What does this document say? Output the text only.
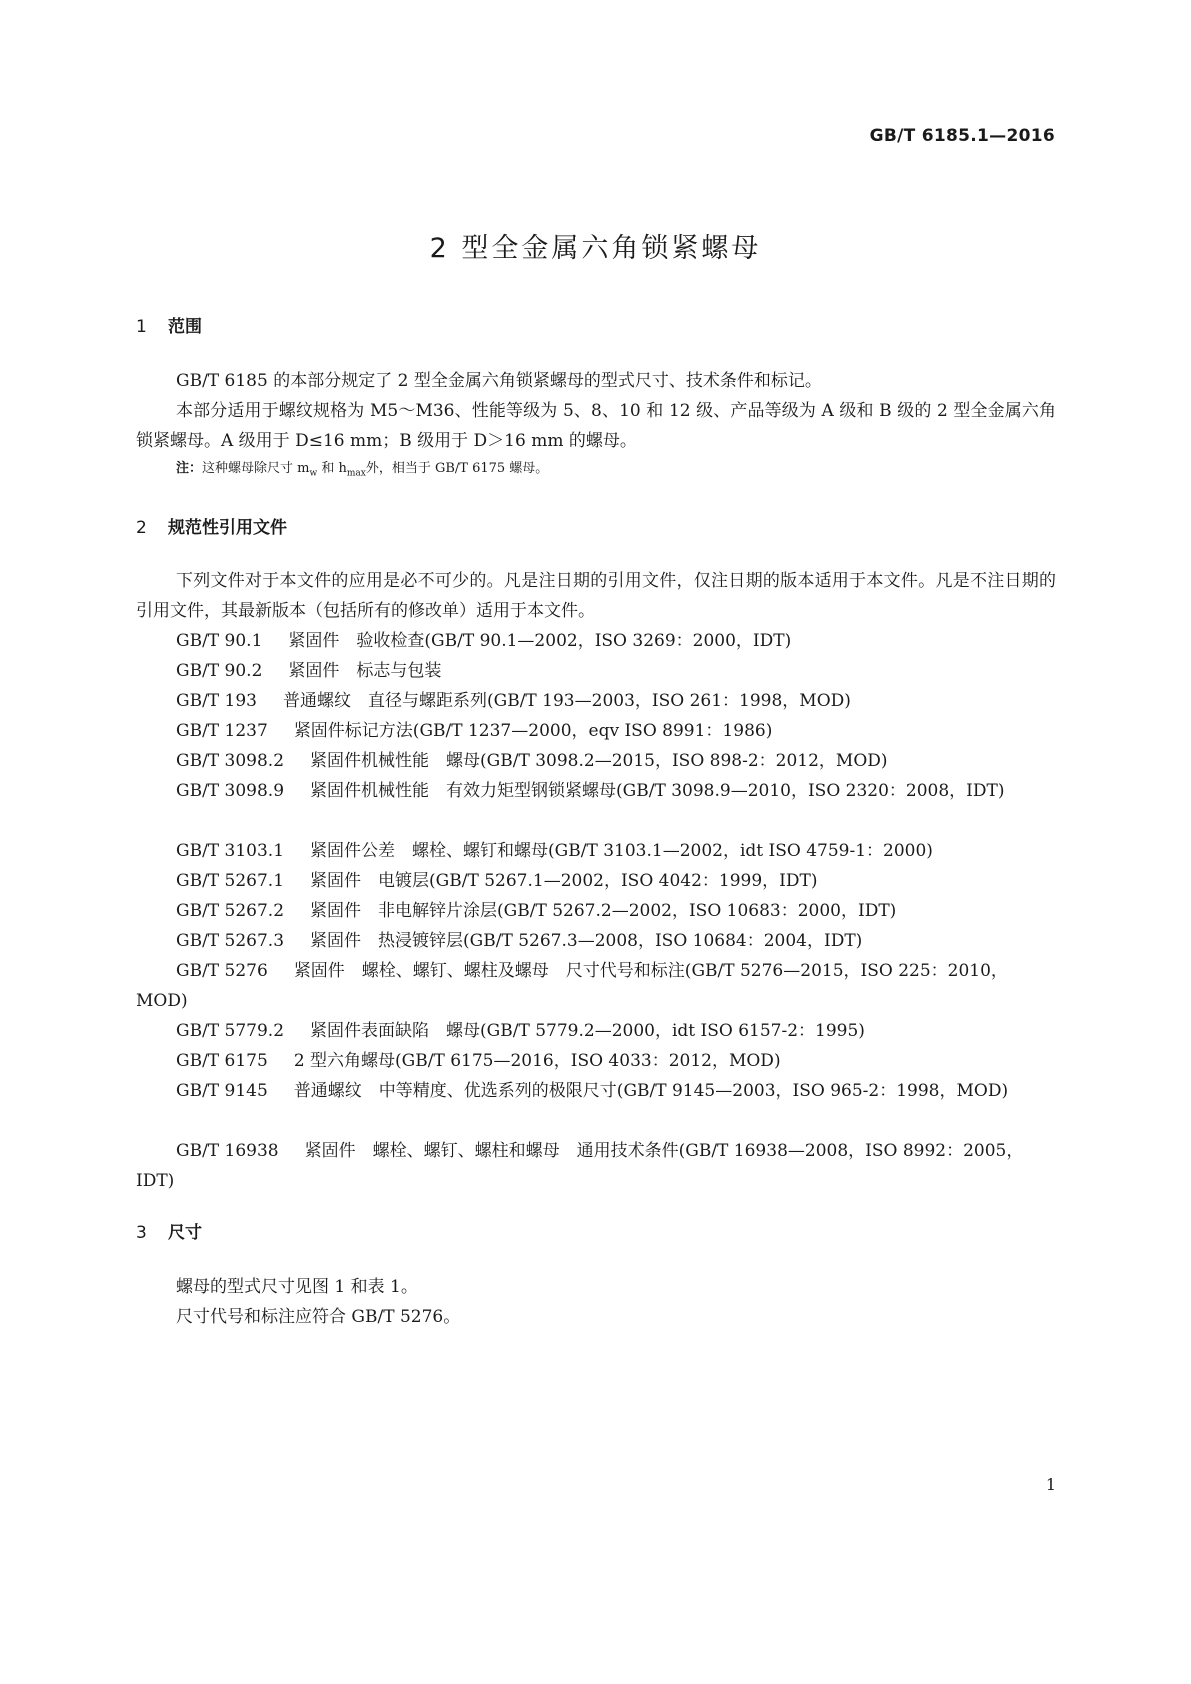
GB/T 6185.1—2016
2 型全金属六角锁紧螺母
1 范围
GB/T 6185 的本部分规定了 2 型全金属六角锁紧螺母的型式尺寸、技术条件和标记。
本部分适用于螺纹规格为 M5～M36、性能等级为 5、8、10 和 12 级、产品等级为 A 级和 B 级的 2 型全金属六角锁紧螺母。A 级用于 D≤16 mm；B 级用于 D＞16 mm 的螺母。
注：这种螺母除尺寸 $m_w$ 和 $h_{max}$外，相当于 GB/T 6175 螺母。
2 规范性引用文件
下列文件对于本文件的应用是必不可少的。凡是注日期的引用文件，仅注日期的版本适用于本文件。凡是不注日期的引用文件，其最新版本（包括所有的修改单）适用于本文件。
GB/T 90.1 紧固件　验收检查(GB/T 90.1—2002，ISO 3269：2000，IDT)
GB/T 90.2 紧固件　标志与包装
GB/T 193 普通螺纹　直径与螺距系列(GB/T 193—2003，ISO 261：1998，MOD)
GB/T 1237 紧固件标记方法(GB/T 1237—2000，eqv ISO 8991：1986)
GB/T 3098.2 紧固件机械性能　螺母(GB/T 3098.2—2015，ISO 898-2：2012，MOD)
GB/T 3098.9 紧固件机械性能　有效力矩型钢锁紧螺母(GB/T 3098.9—2010，ISO 2320：2008，IDT)
GB/T 3103.1 紧固件公差　螺栓、螺钉和螺母(GB/T 3103.1—2002，idt ISO 4759-1：2000)
GB/T 5267.1 紧固件　电镀层(GB/T 5267.1—2002，ISO 4042：1999，IDT)
GB/T 5267.2 紧固件　非电解锌片涂层(GB/T 5267.2—2002，ISO 10683：2000，IDT)
GB/T 5267.3 紧固件　热浸镀锌层(GB/T 5267.3—2008，ISO 10684：2004，IDT)
GB/T 5276 紧固件　螺栓、螺钉、螺柱及螺母　尺寸代号和标注(GB/T 5276—2015，ISO 225：2010，MOD)
GB/T 5779.2 紧固件表面缺陷　螺母(GB/T 5779.2—2000，idt ISO 6157-2：1995)
GB/T 6175 2 型六角螺母(GB/T 6175—2016，ISO 4033：2012，MOD)
GB/T 9145 普通螺纹　中等精度、优选系列的极限尺寸(GB/T 9145—2003，ISO 965-2：1998，MOD)
GB/T 16938 紧固件　螺栓、螺钉、螺柱和螺母　通用技术条件(GB/T 16938—2008，ISO 8992：2005，IDT)
3 尺寸
螺母的型式尺寸见图 1 和表 1。
尺寸代号和标注应符合 GB/T 5276。
1
